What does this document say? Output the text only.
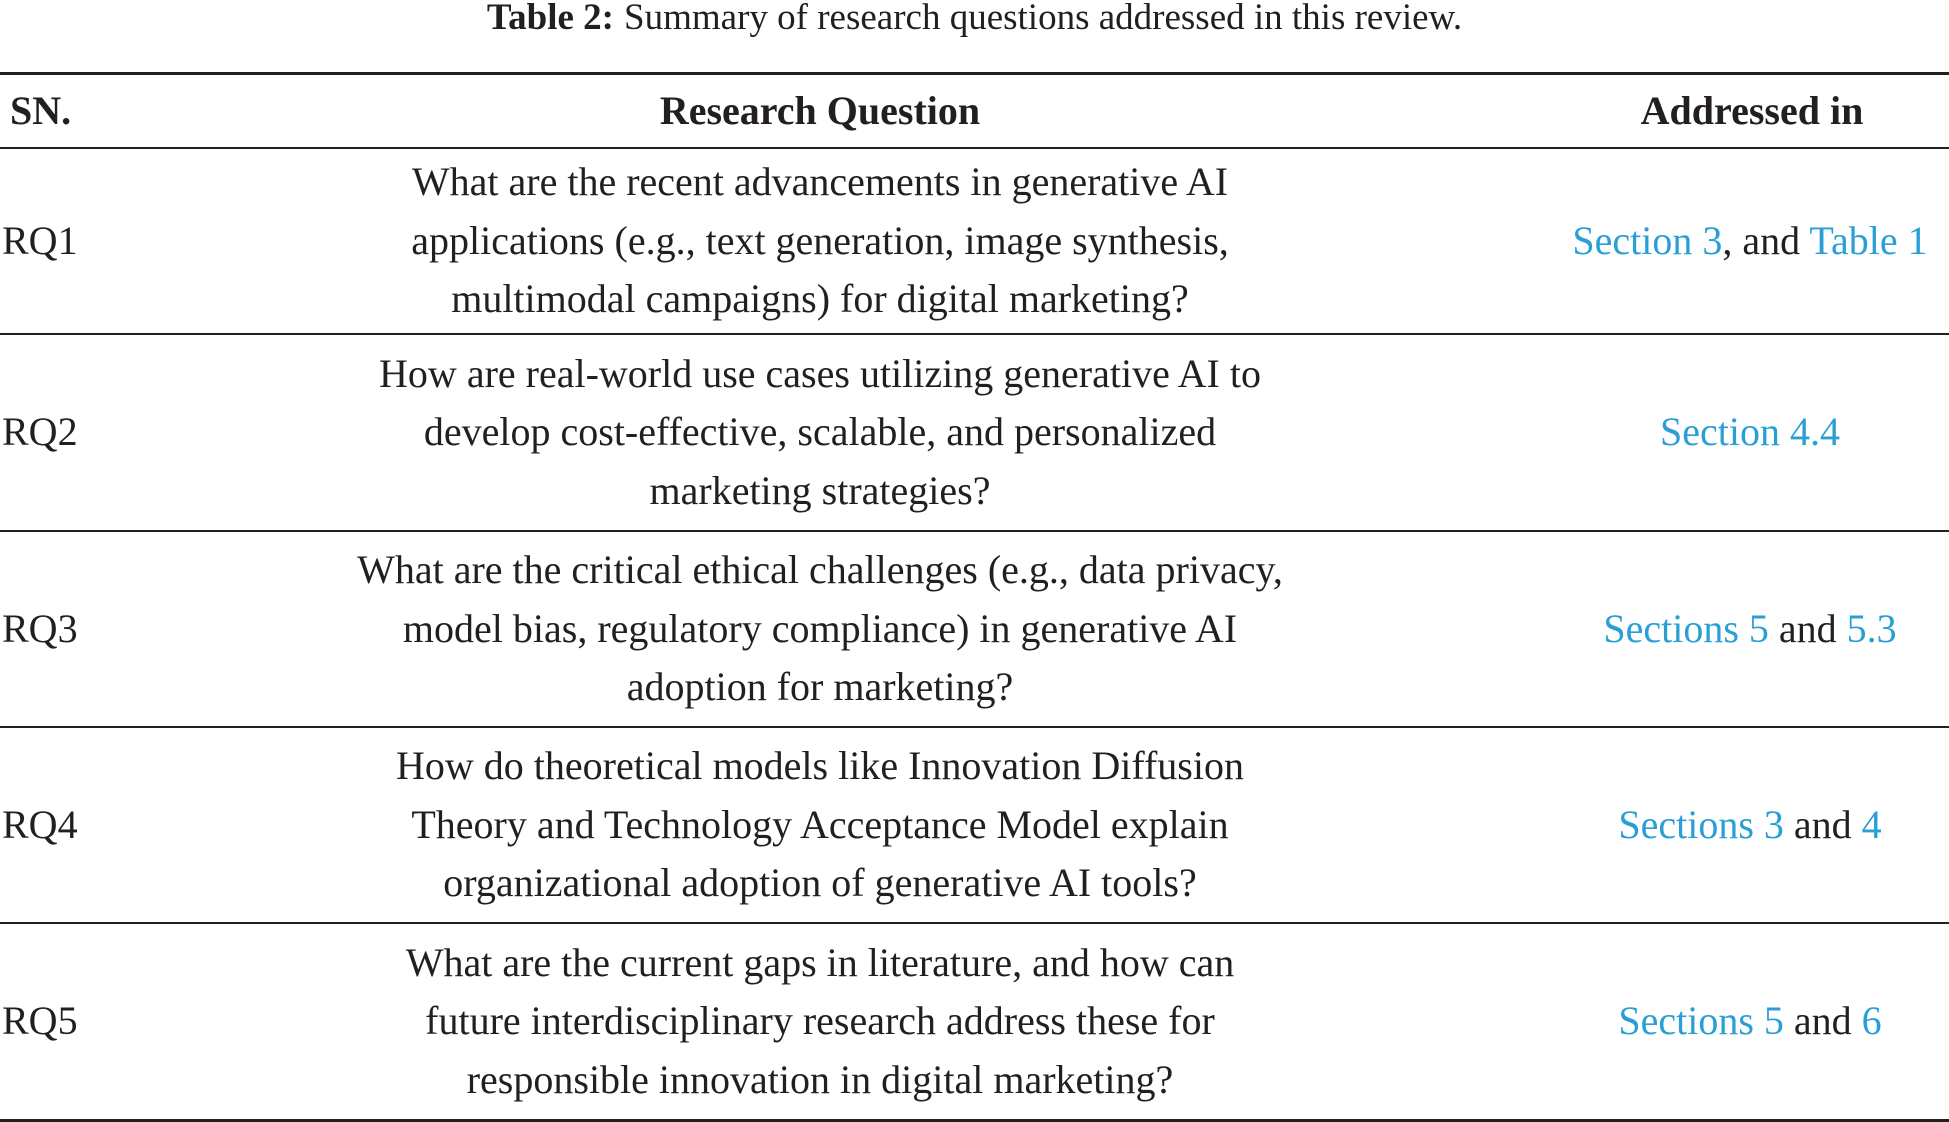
Table 2: Summary of research questions addressed in this review.
SN.	Research Question	Addressed in
RQ1
What are the recent advancements in generative AI
applications (e.g., text generation, image synthesis,
multimodal campaigns) for digital marketing?
Section 3, and Table 1
RQ2
How are real-world use cases utilizing generative AI to
develop cost-effective, scalable, and personalized
marketing strategies?
Section 4.4
RQ3
What are the critical ethical challenges (e.g., data privacy,
model bias, regulatory compliance) in generative AI
adoption for marketing?
Sections 5 and 5.3
RQ4
How do theoretical models like Innovation Diffusion
Theory and Technology Acceptance Model explain
organizational adoption of generative AI tools?
Sections 3 and 4
RQ5
What are the current gaps in literature, and how can
future interdisciplinary research address these for
responsible innovation in digital marketing?
Sections 5 and 6
